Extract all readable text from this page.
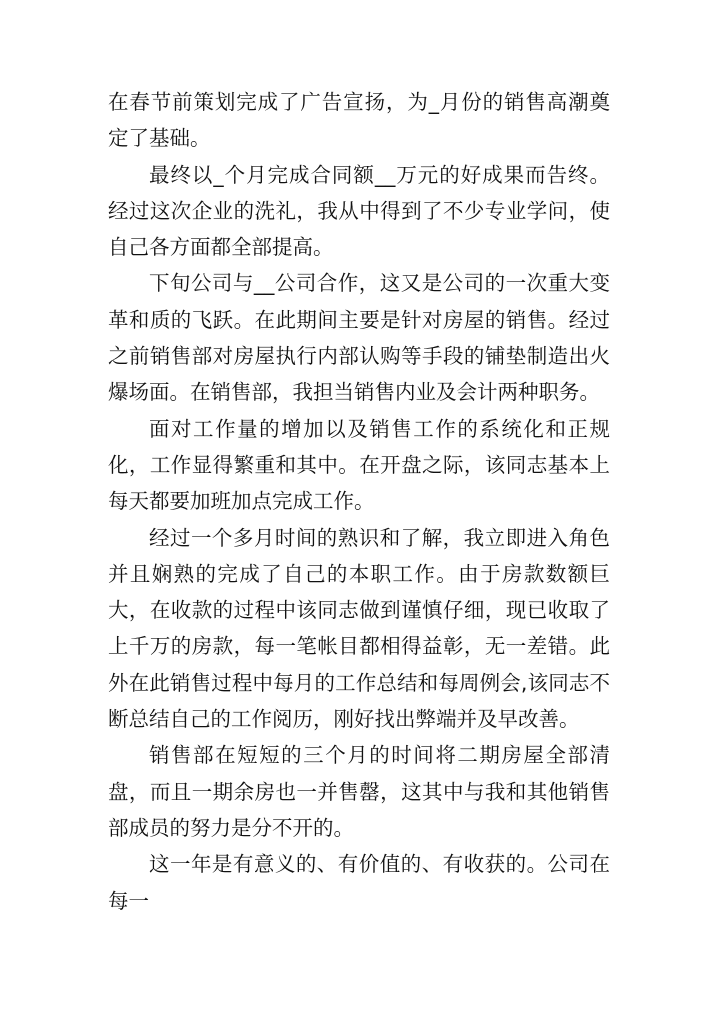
在春节前策划完成了广告宣扬，为_月份的销售高潮奠定了基础。

最终以_个月完成合同额__万元的好成果而告终。经过这次企业的洗礼，我从中得到了不少专业学问，使自己各方面都全部提高。

下旬公司与__公司合作，这又是公司的一次重大变革和质的飞跃。在此期间主要是针对房屋的销售。经过之前销售部对房屋执行内部认购等手段的铺垫制造出火爆场面。在销售部，我担当销售内业及会计两种职务。

面对工作量的增加以及销售工作的系统化和正规化，工作显得繁重和其中。在开盘之际，该同志基本上每天都要加班加点完成工作。

经过一个多月时间的熟识和了解，我立即进入角色并且娴熟的完成了自己的本职工作。由于房款数额巨大，在收款的过程中该同志做到谨慎仔细，现已收取了上千万的房款，每一笔帐目都相得益彰，无一差错。此外在此销售过程中每月的工作总结和每周例会,该同志不断总结自己的工作阅历，刚好找出弊端并及早改善。

销售部在短短的三个月的时间将二期房屋全部清盘，而且一期余房也一并售罄，这其中与我和其他销售部成员的努力是分不开的。

这一年是有意义的、有价值的、有收获的。公司在每一
